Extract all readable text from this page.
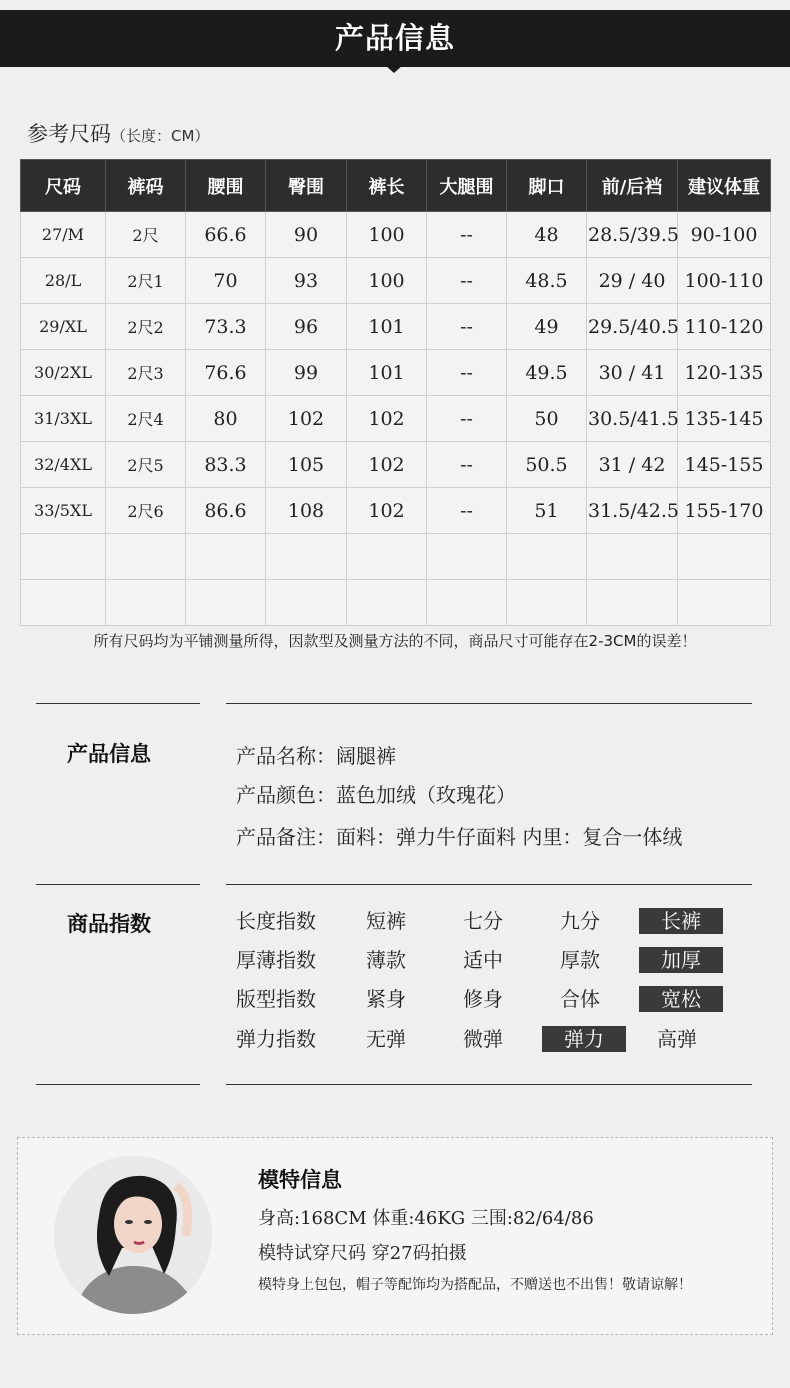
产品信息
参考尺码（长度：CM）
尺码	裤码	腰围	臀围	裤长	大腿围	脚口	前/后裆	建议体重
27/M	2尺	66.6	90	100	--	48	28.5/39.5	90-100
28/L	2尺1	70	93	100	--	48.5	29 / 40	100-110
29/XL	2尺2	73.3	96	101	--	49	29.5/40.5	110-120
30/2XL	2尺3	76.6	99	101	--	49.5	30 / 41	120-135
31/3XL	2尺4	80	102	102	--	50	30.5/41.5	135-145
32/4XL	2尺5	83.3	105	102	--	50.5	31 / 42	145-155
33/5XL	2尺6	86.6	108	102	--	51	31.5/42.5	155-170

所有尺码均为平铺测量所得，因款型及测量方法的不同，商品尺寸可能存在2-3CM的误差！
产品信息	产品名称：阔腿裤
产品颜色：蓝色加绒（玫瑰花）
产品备注：面料：弹力牛仔面料 内里：复合一体绒
商品指数	长度指数	短裤	七分	九分	长裤
厚薄指数	薄款	适中	厚款	加厚
版型指数	紧身	修身	合体	宽松
弹力指数	无弹	微弹	弹力	高弹
模特信息
身高:168CM 体重:46KG 三围:82/64/86
模特试穿尺码 穿27码拍摄
模特身上包包，帽子等配饰均为搭配品，不赠送也不出售！敬请谅解！
